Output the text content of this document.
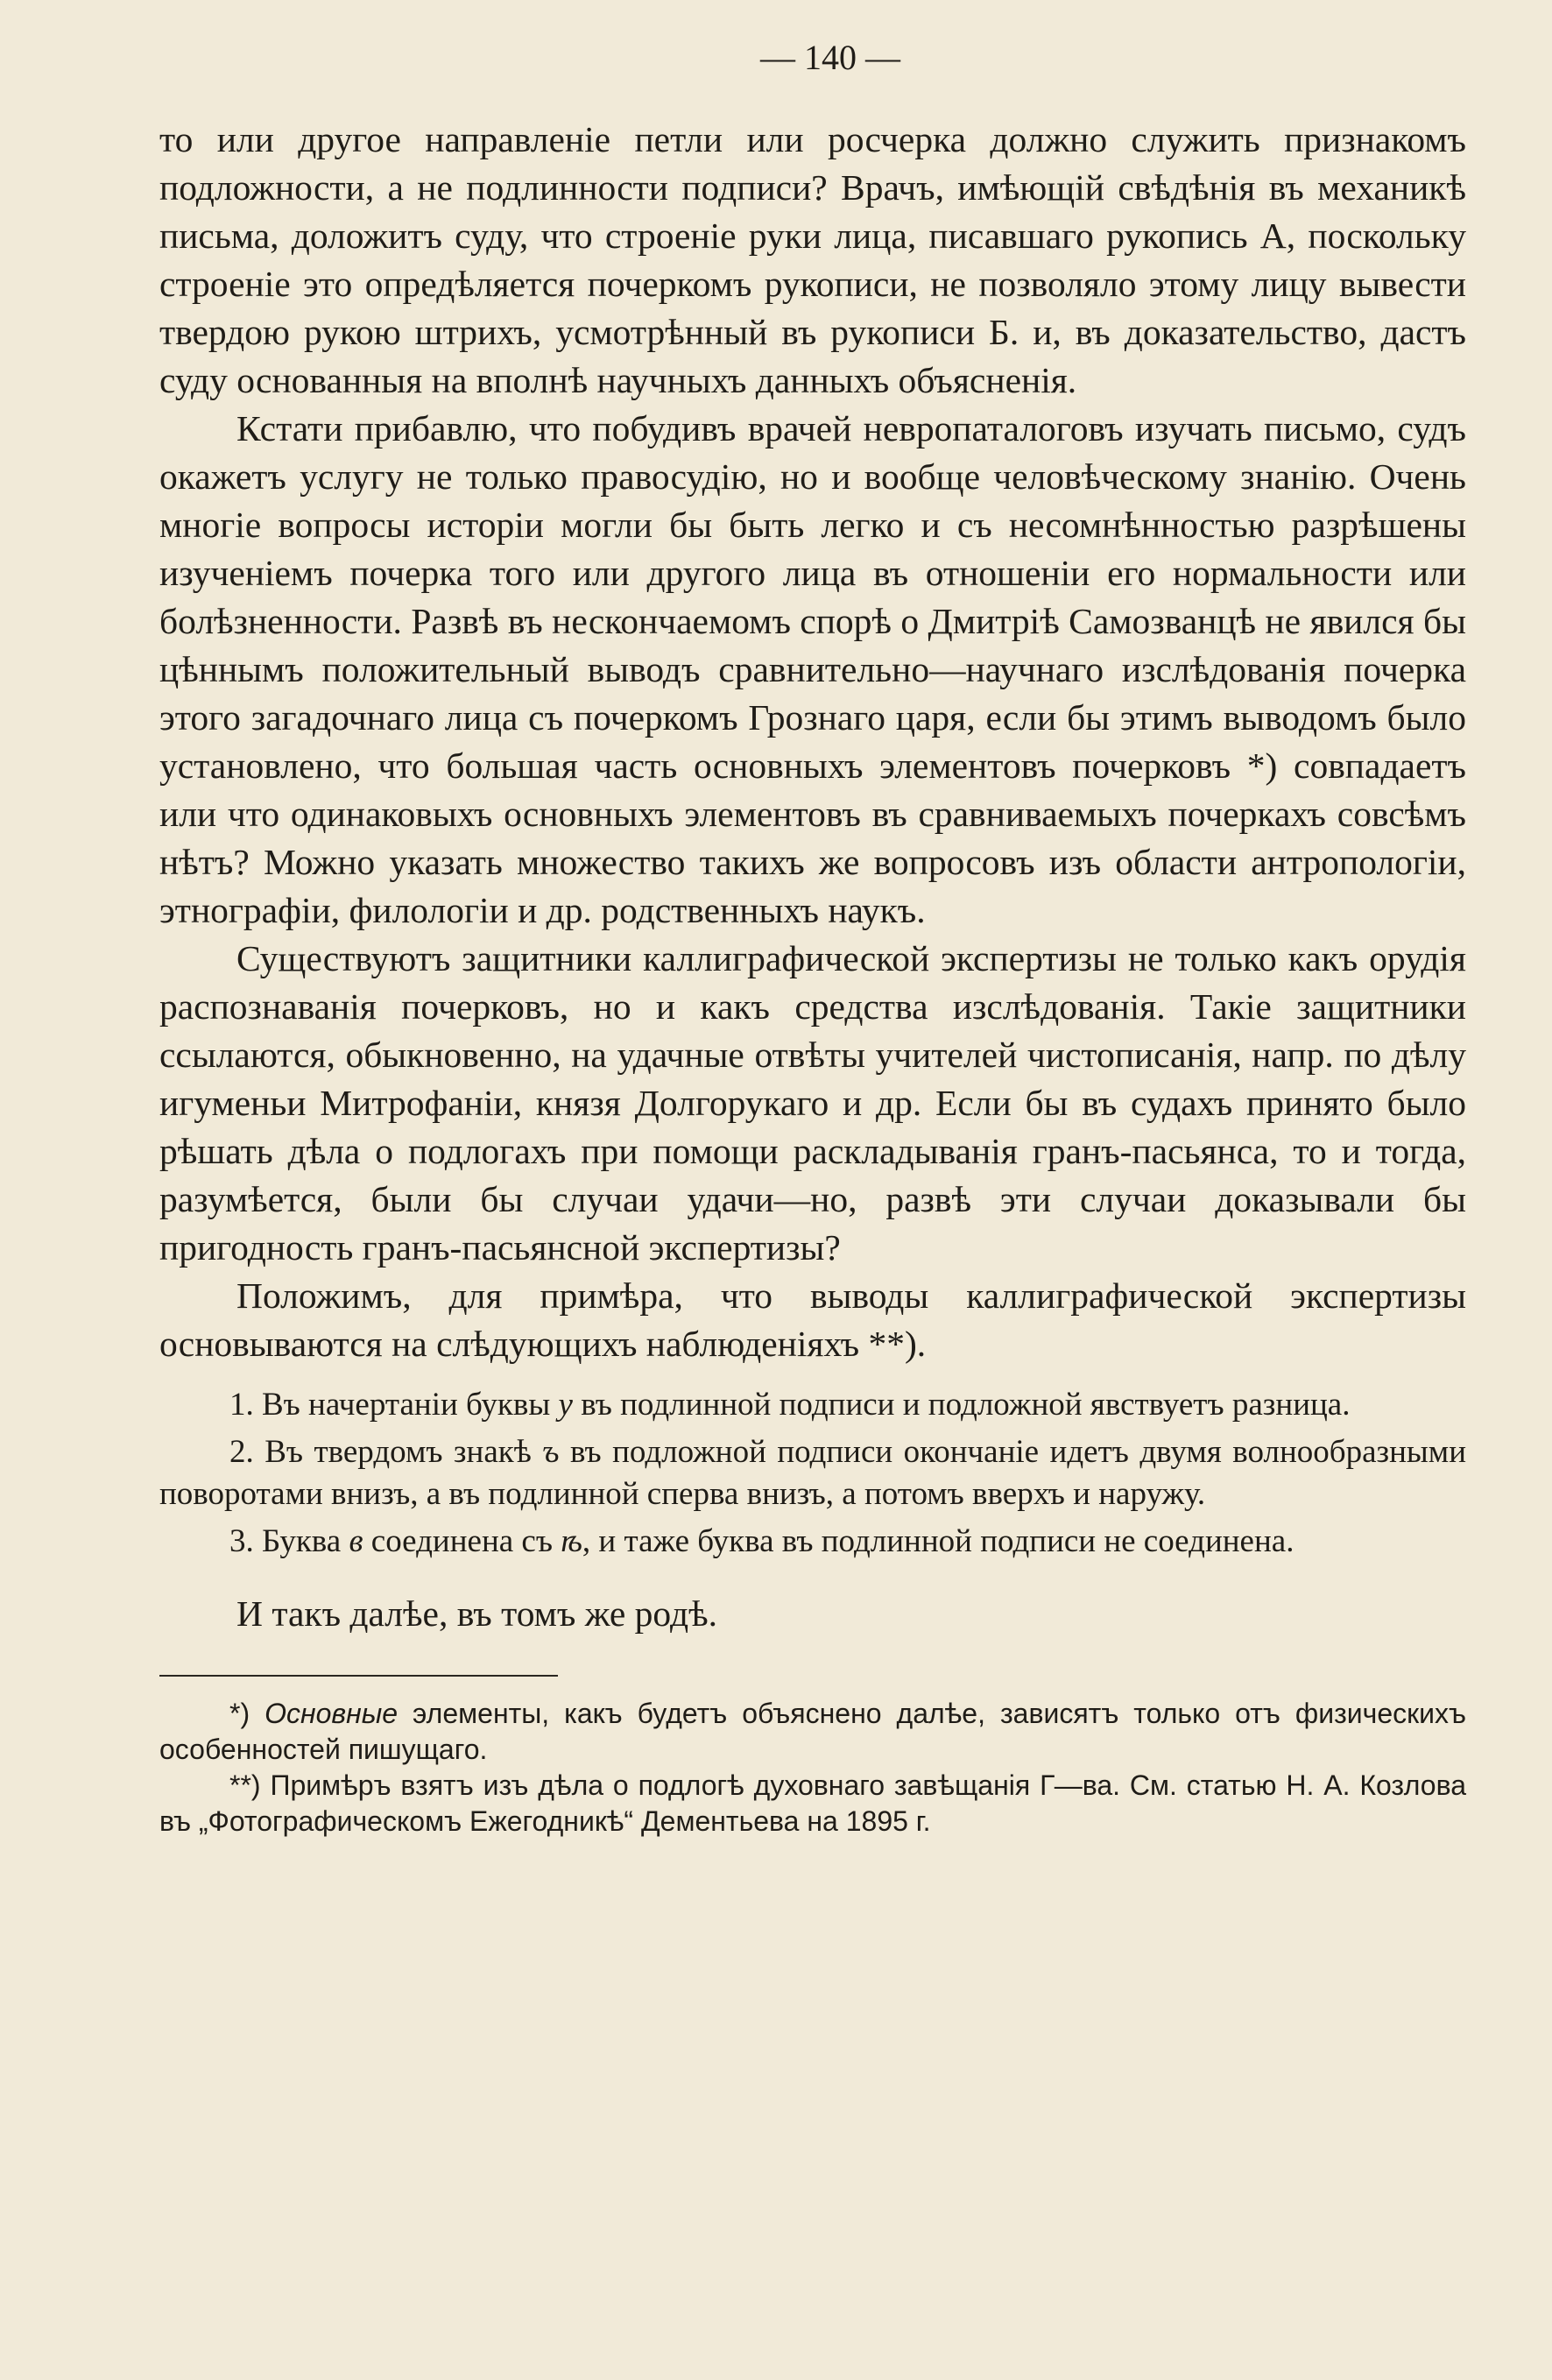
— 140 —

то или другое направленіе петли или росчерка должно служить признакомъ подложности, а не подлинности подписи? Врачъ, имѣющій свѣдѣнія въ механикѣ письма, доложитъ суду, что строеніе руки лица, писавшаго рукопись А, поскольку строеніе это опредѣляется почеркомъ рукописи, не позволяло этому лицу вывести твердою рукою штрихъ, усмотрѣнный въ рукописи Б. и, въ доказательство, дастъ суду основанныя на вполнѣ научныхъ данныхъ объясненія.

Кстати прибавлю, что побудивъ врачей невропаталоговъ изучать письмо, судъ окажетъ услугу не только правосудію, но и вообще человѣческому знанію. Очень многіе вопросы исторіи могли бы быть легко и съ несомнѣнностью разрѣшены изученіемъ почерка того или другого лица въ отношеніи его нормальности или болѣзненности. Развѣ въ нескончаемомъ спорѣ о Дмитріѣ Самозванцѣ не явился бы цѣннымъ положительный выводъ сравнительно—научнаго изслѣдованія почерка этого загадочнаго лица съ почеркомъ Грознаго царя, если бы этимъ выводомъ было установлено, что большая часть основныхъ элементовъ почерковъ *) совпадаетъ или что одинаковыхъ основныхъ элементовъ въ сравниваемыхъ почеркахъ совсѣмъ нѣтъ? Можно указать множество такихъ же вопросовъ изъ области антропологіи, этнографіи, филологіи и др. родственныхъ наукъ.

Существуютъ защитники каллиграфической экспертизы не только какъ орудія распознаванія почерковъ, но и какъ средства изслѣдованія. Такіе защитники ссылаются, обыкновенно, на удачные отвѣты учителей чистописанія, напр. по дѣлу игуменьи Митрофаніи, князя Долгорукаго и др. Если бы въ судахъ принято было рѣшать дѣла о подлогахъ при помощи раскладыванія гранъ-пасьянса, то и тогда, разумѣется, были бы случаи удачи—но, развѣ эти случаи доказывали бы пригодность гранъ-пасьянсной экспертизы?

Положимъ, для примѣра, что выводы каллиграфической экспертизы основываются на слѣдующихъ наблюденіяхъ **).

1. Въ начертаніи буквы у въ подлинной подписи и подложной явствуетъ разница.

2. Въ твердомъ знакѣ ъ въ подложной подписи окончаніе идетъ двумя волнообразными поворотами внизъ, а въ подлинной сперва внизъ, а потомъ вверхъ и наружу.

3. Буква в соединена съ ѣ, и таже буква въ подлинной подписи не соединена.

И такъ далѣе, въ томъ же родѣ.

*) Основные элементы, какъ будетъ объяснено далѣе, зависятъ только отъ физическихъ особенностей пишущаго.

**) Примѣръ взятъ изъ дѣла о подлогѣ духовнаго завѣщанія Г—ва. См. статью Н. А. Козлова въ „Фотографическомъ Ежегодникѣ“ Дементьева на 1895 г.
